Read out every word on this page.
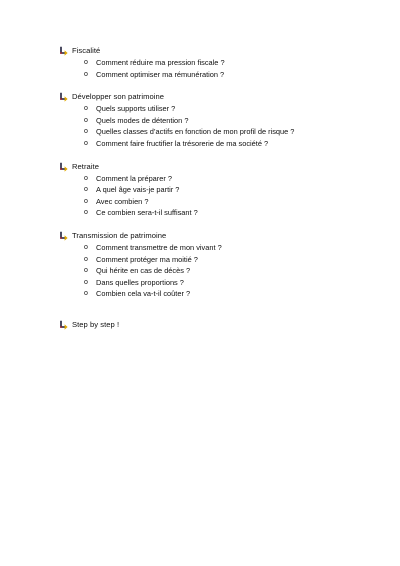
Fiscalité
o	Comment réduire ma pression fiscale ?
o	Comment optimiser ma rémunération ?
Développer son patrimoine
o	Quels supports utiliser ?
o	Quels modes de détention ?
o	Quelles classes d’actifs en fonction de mon profil de risque ?
o	Comment faire fructifier la trésorerie de ma société ?
Retraite
o	Comment la préparer ?
o	A quel âge vais-je partir ?
o	Avec combien ?
o	Ce combien sera-t-il suffisant ?
Transmission de patrimoine
o	Comment transmettre de mon vivant ?
o	Comment protéger ma moitié ?
o	Qui hérite en cas de décès ?
o	Dans quelles proportions ?
o	Combien cela va-t-il coûter ?
Step by step !
